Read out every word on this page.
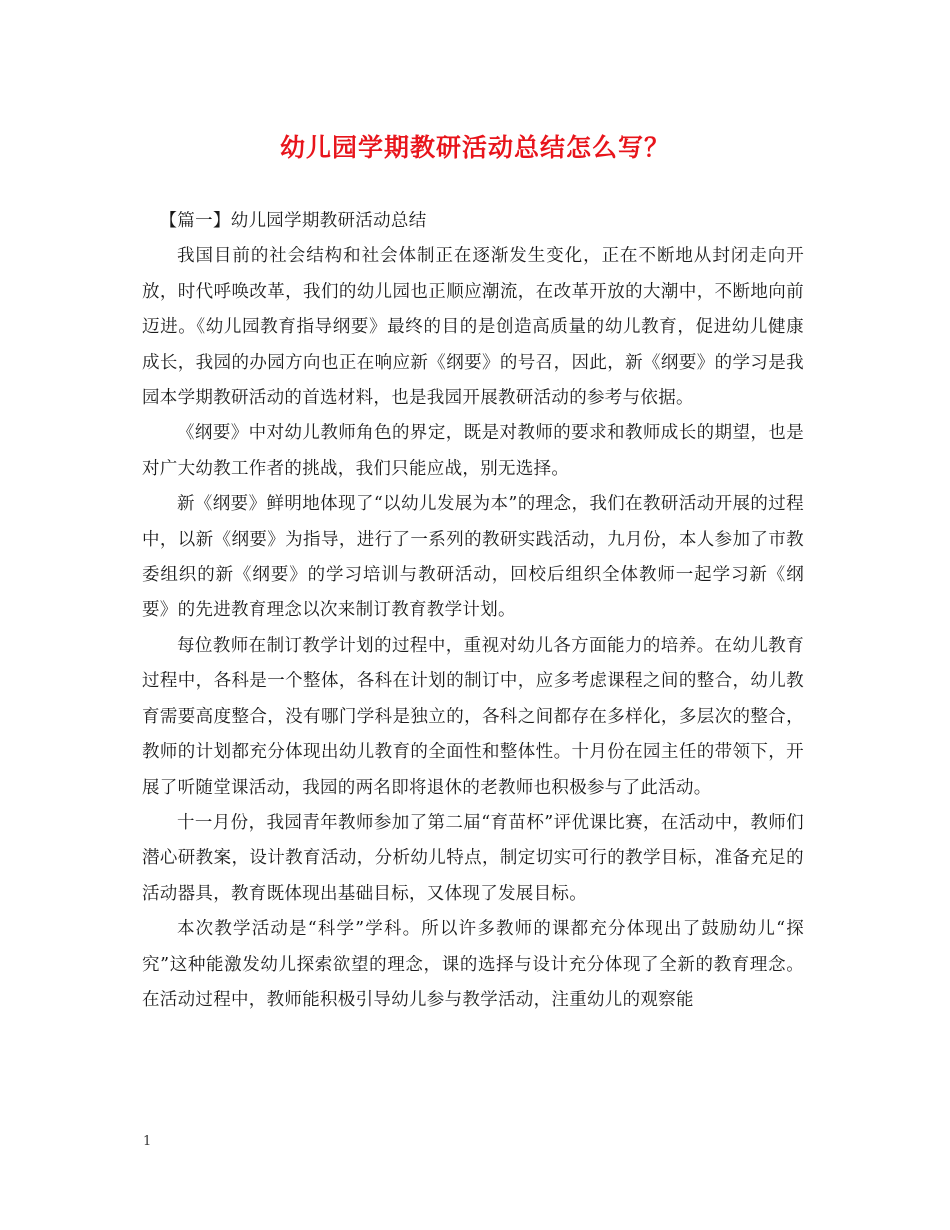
幼儿园学期教研活动总结怎么写？

【篇一】幼儿园学期教研活动总结

我国目前的社会结构和社会体制正在逐渐发生变化，正在不断地从封闭走向开放，时代呼唤改革，我们的幼儿园也正顺应潮流，在改革开放的大潮中，不断地向前迈进。《幼儿园教育指导纲要》最终的目的是创造高质量的幼儿教育，促进幼儿健康成长，我园的办园方向也正在响应新《纲要》的号召，因此，新《纲要》的学习是我园本学期教研活动的首选材料，也是我园开展教研活动的参考与依据。

《纲要》中对幼儿教师角色的界定，既是对教师的要求和教师成长的期望，也是对广大幼教工作者的挑战，我们只能应战，别无选择。

新《纲要》鲜明地体现了“以幼儿发展为本”的理念，我们在教研活动开展的过程中，以新《纲要》为指导，进行了一系列的教研实践活动，九月份，本人参加了市教委组织的新《纲要》的学习培训与教研活动，回校后组织全体教师一起学习新《纲要》的先进教育理念以次来制订教育教学计划。

每位教师在制订教学计划的过程中，重视对幼儿各方面能力的培养。在幼儿教育过程中，各科是一个整体，各科在计划的制订中，应多考虑课程之间的整合，幼儿教育需要高度整合，没有哪门学科是独立的，各科之间都存在多样化，多层次的整合，教师的计划都充分体现出幼儿教育的全面性和整体性。十月份在园主任的带领下，开展了听随堂课活动，我园的两名即将退休的老教师也积极参与了此活动。

十一月份，我园青年教师参加了第二届“育苗杯”评优课比赛，在活动中，教师们潜心研教案，设计教育活动，分析幼儿特点，制定切实可行的教学目标，准备充足的活动器具，教育既体现出基础目标，又体现了发展目标。

本次教学活动是“科学”学科。所以许多教师的课都充分体现出了鼓励幼儿“探究”这种能激发幼儿探索欲望的理念，课的选择与设计充分体现了全新的教育理念。在活动过程中，教师能积极引导幼儿参与教学活动，注重幼儿的观察能

1
